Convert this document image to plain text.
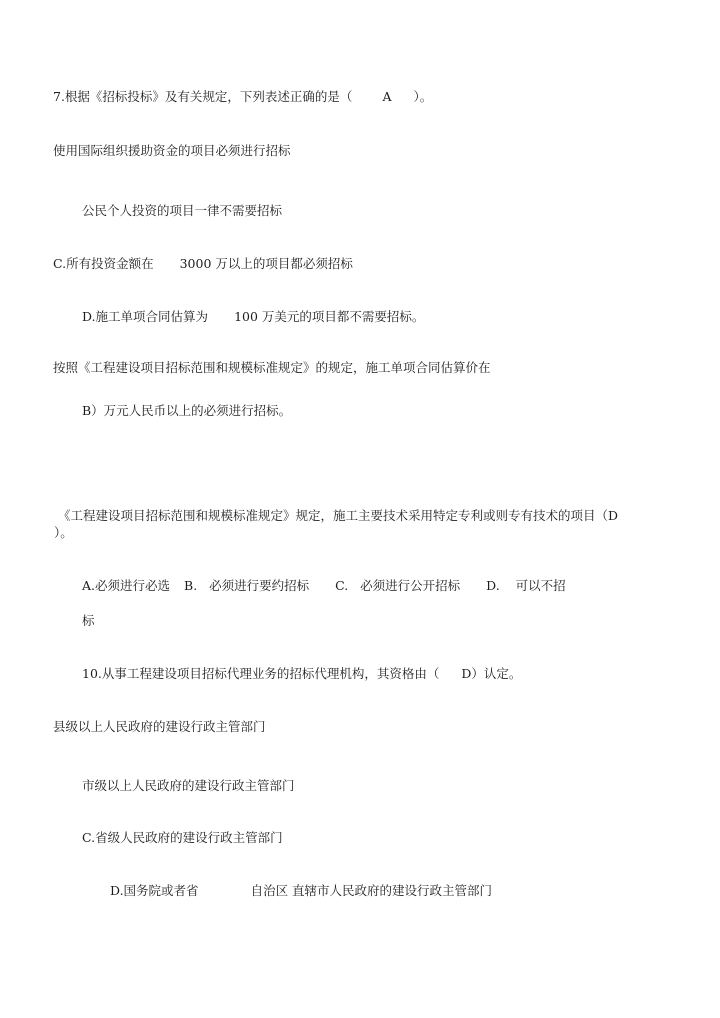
7.根据《招标投标》及有关规定，下列表述正确的是（ A ）。
使用国际组织援助资金的项目必须进行招标
公民个人投资的项目一律不需要招标
C.所有投资金额在 3000 万以上的项目都必须招标
D.施工单项合同估算为 100 万美元的项目都不需要招标。
按照《工程建设项目招标范围和规模标准规定》的规定，施工单项合同估算价在
B）万元人民币以上的必须进行招标。
《工程建设项目招标范围和规模标准规定》规定，施工主要技术采用特定专利或则专有技术的项目（D
）。
A.必须进行必选 B.   必须进行要约招标 C.   必须进行公开招标 D.    可以不招
标
10.从事工程建设项目招标代理业务的招标代理机构，其资格由（ D）认定。
县级以上人民政府的建设行政主管部门
市级以上人民政府的建设行政主管部门
C.省级人民政府的建设行政主管部门
D.国务院或者省	自治区 直辖市人民政府的建设行政主管部门
